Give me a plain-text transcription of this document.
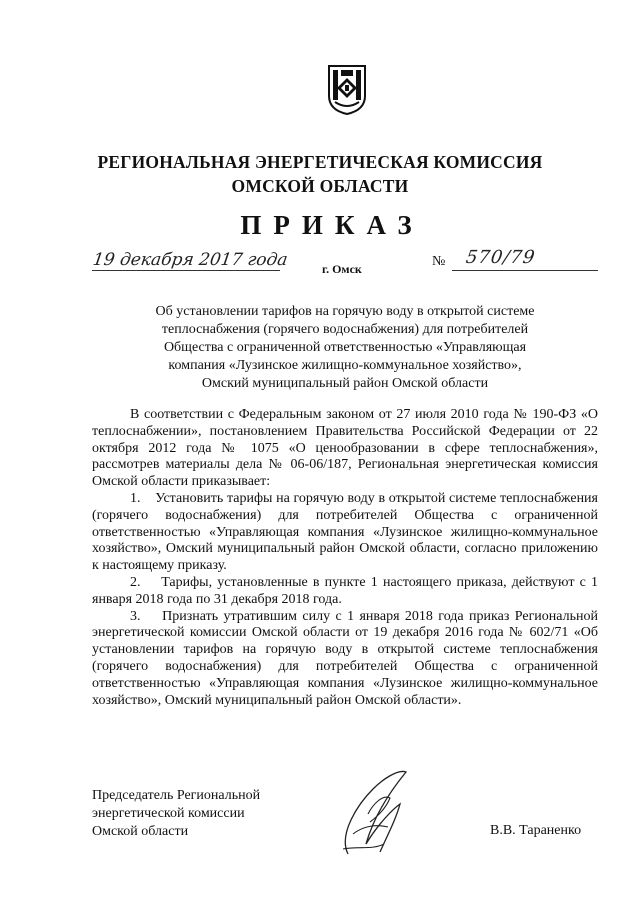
РЕГИОНАЛЬНАЯ ЭНЕРГЕТИЧЕСКАЯ КОМИССИЯ
ОМСКОЙ ОБЛАСТИ
ПРИКАЗ
19 декабря 2017 года	г. Омск	№ 570/79
Об установлении тарифов на горячую воду в открытой системе
теплоснабжения (горячего водоснабжения) для потребителей
Общества с ограниченной ответственностью «Управляющая
компания «Лузинское жилищно-коммунальное хозяйство»,
Омский муниципальный район Омской области

В соответствии с Федеральным законом от 27 июля 2010 года № 190-ФЗ «О теплоснабжении», постановлением Правительства Российской Федерации от 22 октября 2012 года № 1075 «О ценообразовании в сфере теплоснабжения», рассмотрев материалы дела № 06-06/187, Региональная энергетическая комиссия Омской области приказывает:

1.    Установить тарифы на горячую воду в открытой системе теплоснабжения (горячего водоснабжения) для потребителей Общества с ограниченной ответственностью «Управляющая компания «Лузинское жилищно-коммунальное хозяйство», Омский муниципальный район Омской области, согласно приложению к настоящему приказу.

2.    Тарифы, установленные в пункте 1 настоящего приказа, действуют с 1 января 2018 года по 31 декабря 2018 года.

3.    Признать утратившим силу с 1 января 2018 года приказ Региональной энергетической комиссии Омской области от 19 декабря 2016 года № 602/71 «Об установлении тарифов на горячую воду в открытой системе теплоснабжения (горячего водоснабжения) для потребителей Общества с ограниченной ответственностью «Управляющая компания «Лузинское жилищно-коммунальное хозяйство», Омский муниципальный район Омской области».

Председатель Региональной
энергетической комиссии
Омской области	В.В. Тараненко
